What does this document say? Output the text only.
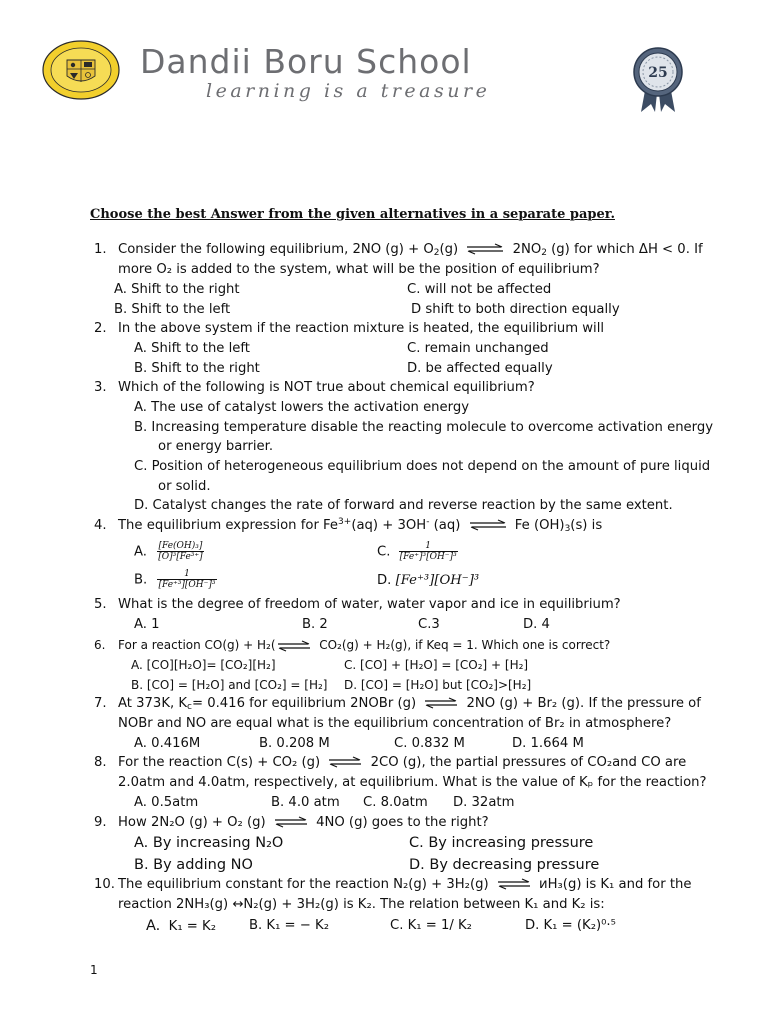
Dandii Boru School
learning is a treasure
25
Choose the best Answer from the given alternatives in a separate paper.
1. Consider the following equilibrium, 2NO $(g) + O_2(g)$ ⇌ $2NO_2$ (g) for which ΔH < 0. If
more O₂ is added to the system, what will be the position of equilibrium?
A. Shift to the right	C. will not be affected
B. Shift to the left	D shift to both direction equally
2. In the above system if the reaction mixture is heated, the equilibrium will
A. Shift to the left	C. remain unchanged
B. Shift to the right	D. be affected equally
3. Which of the following is NOT true about chemical equilibrium?
A. The use of catalyst lowers the activation energy
B. Increasing temperature disable the reacting molecule to overcome activation energy
or energy barrier.
C. Position of heterogeneous equilibrium does not depend on the amount of pure liquid
or solid.
D. Catalyst changes the rate of forward and reverse reaction by the same extent.
4. The equilibrium expression for $Fe^{3+}(aq) + 3OH^-$ (aq) ⇌ Fe $(OH)_3(s)$ is
A. $\frac{\text{[Fe(OH)₃]}}{\text{[O]³[Fe³⁺]}}$	C. $\frac{1}{\text{[Fe⁺]³[OH⁻]³}}$
B. $\frac{1}{\text{[Fe⁺³][OH⁻]³}}$	D. [Fe⁺³][OH⁻]³
5. What is the degree of freedom of water, water vapor and ice in equilibrium?
A. 1	B. 2	C.3	D. 4
6. For a reaction CO(g) + H₂( ⇌ CO₂(g) + H₂(g), if Keq = 1. Which one is correct?
A. [CO][H₂O]= [CO₂][H₂]	C. [CO] + [H₂O] = [CO₂] + [H₂]
B. [CO] = [H₂O] and [CO₂] = [H₂] D. [CO] = [H₂O] but [CO₂]>[H₂]
7. At 373K, $K_c= 0.416$ for equilibrium 2NOBr (g) ⇌ 2NO (g) + Br₂ (g). If the pressure of
NOBr and NO are equal what is the equilibrium concentration of Br₂ in atmosphere?
A. 0.416M	B. 0.208 M	C. 0.832 M	D. 1.664 M
8. For the reaction C(s) + CO₂ (g) ⇌ 2CO (g), the partial pressures of CO₂and CO are
2.0atm and 4.0atm, respectively, at equilibrium. What is the value of Kₚ for the reaction?
A. 0.5atm	B. 4.0 atm C. 8.0atm D. 32atm
9. How 2N₂O (g) + O₂ (g) ⇌ 4NO (g) goes to the right?
A. By increasing N₂O	C. By increasing pressure
B. By adding NO	D. By decreasing pressure
10. The equilibrium constant for the reaction N₂(g) + 3H₂(g) ⇌ ᴎH₃(g) is K₁ and for the
reaction 2NH₃(g) ↔N₂(g) + 3H₂(g) is K₂. The relation between K₁ and K₂ is:
A. K₁ = K₂	B. K₁ = − K₂	C. K₁ = 1/ K₂	D. K₁ = (K₂)⁰·⁵
1
